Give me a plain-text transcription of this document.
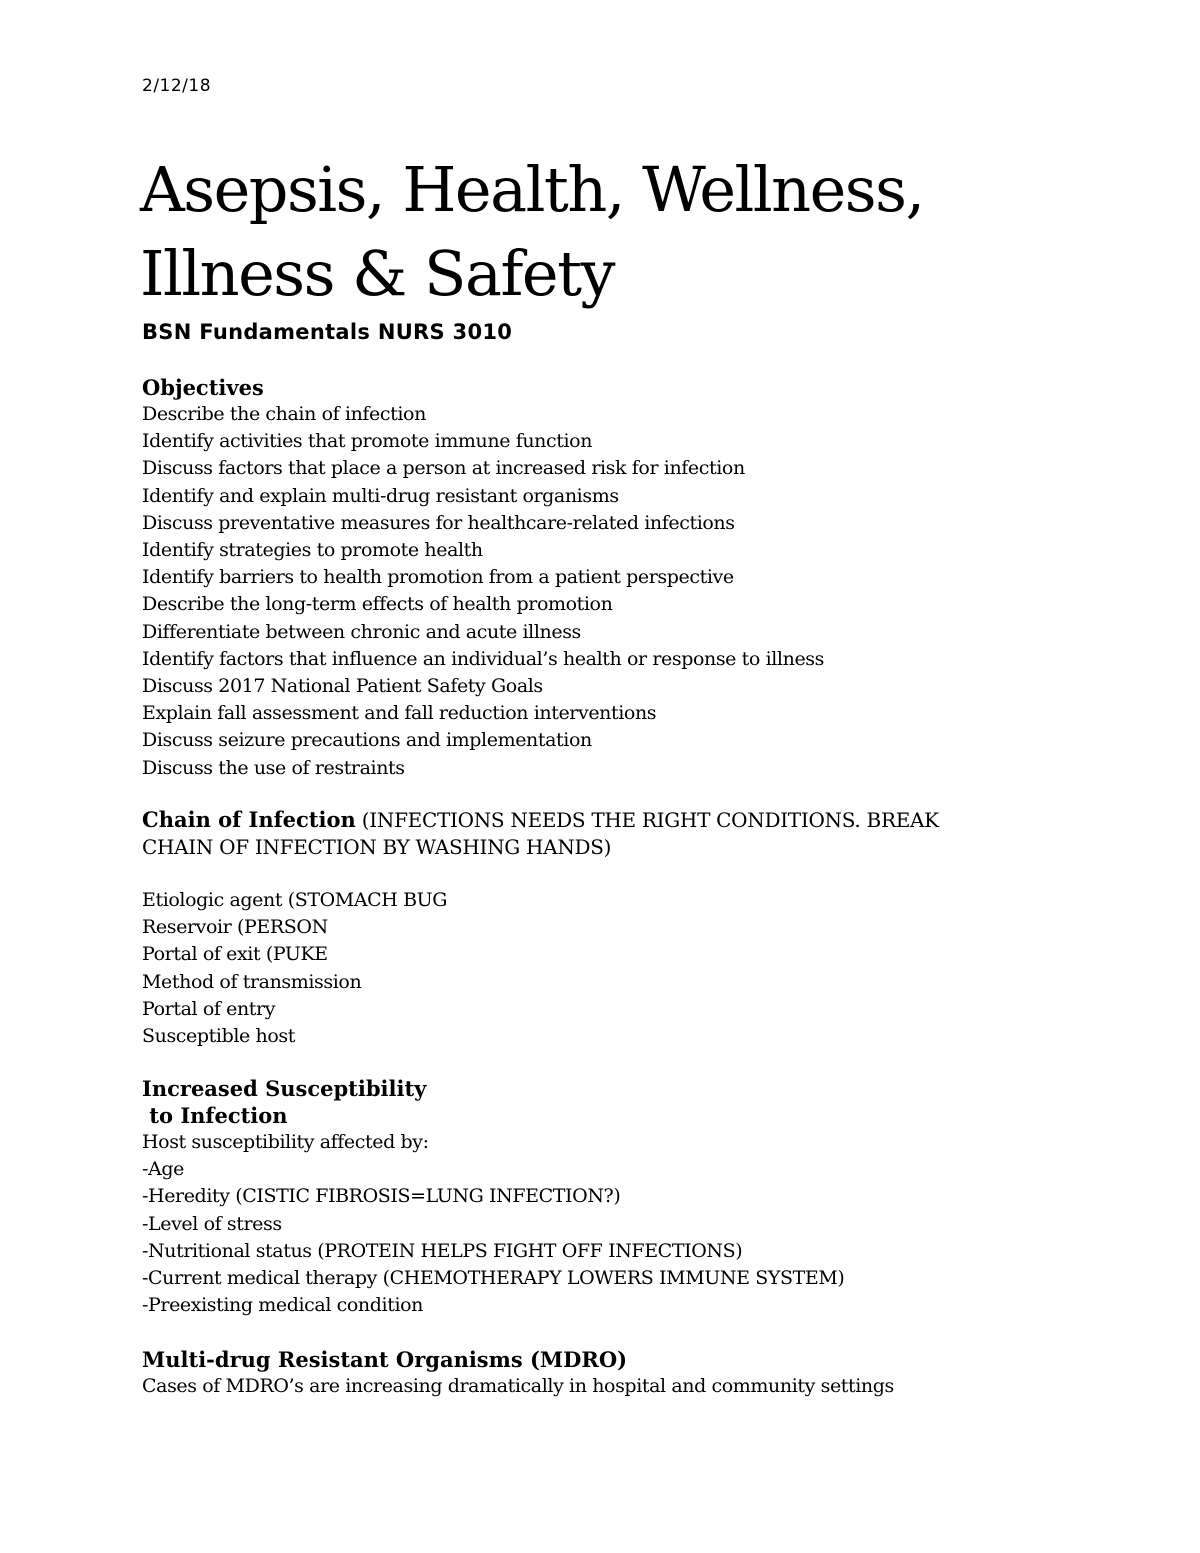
2/12/18
Asepsis, Health, Wellness,
Illness & Safety
BSN Fundamentals NURS 3010

Objectives

Describe the chain of infection
Identify activities that promote immune function
Discuss factors that place a person at increased risk for infection
Identify and explain multi-drug resistant organisms
Discuss preventative measures for healthcare-related infections
Identify strategies to promote health
Identify barriers to health promotion from a patient perspective
Describe the long-term effects of health promotion
Differentiate between chronic and acute illness
Identify factors that influence an individual’s health or response to illness
Discuss 2017 National Patient Safety Goals
Explain fall assessment and fall reduction interventions
Discuss seizure precautions and implementation
Discuss the use of restraints

Chain of Infection (INFECTIONS NEEDS THE RIGHT CONDITIONS. BREAK

CHAIN OF INFECTION BY WASHING HANDS)

Etiologic agent (STOMACH BUG
Reservoir (PERSON
Portal of exit (PUKE
Method of transmission
Portal of entry
Susceptible host

Increased Susceptibility

to Infection

Host susceptibility affected by:

-Age
-Heredity (CISTIC FIBROSIS=LUNG INFECTION?)
-Level of stress
-Nutritional status (PROTEIN HELPS FIGHT OFF INFECTIONS)
-Current medical therapy (CHEMOTHERAPY LOWERS IMMUNE SYSTEM)
-Preexisting medical condition

Multi-drug Resistant Organisms (MDRO)

Cases of MDRO’s are increasing dramatically in hospital and community settings
